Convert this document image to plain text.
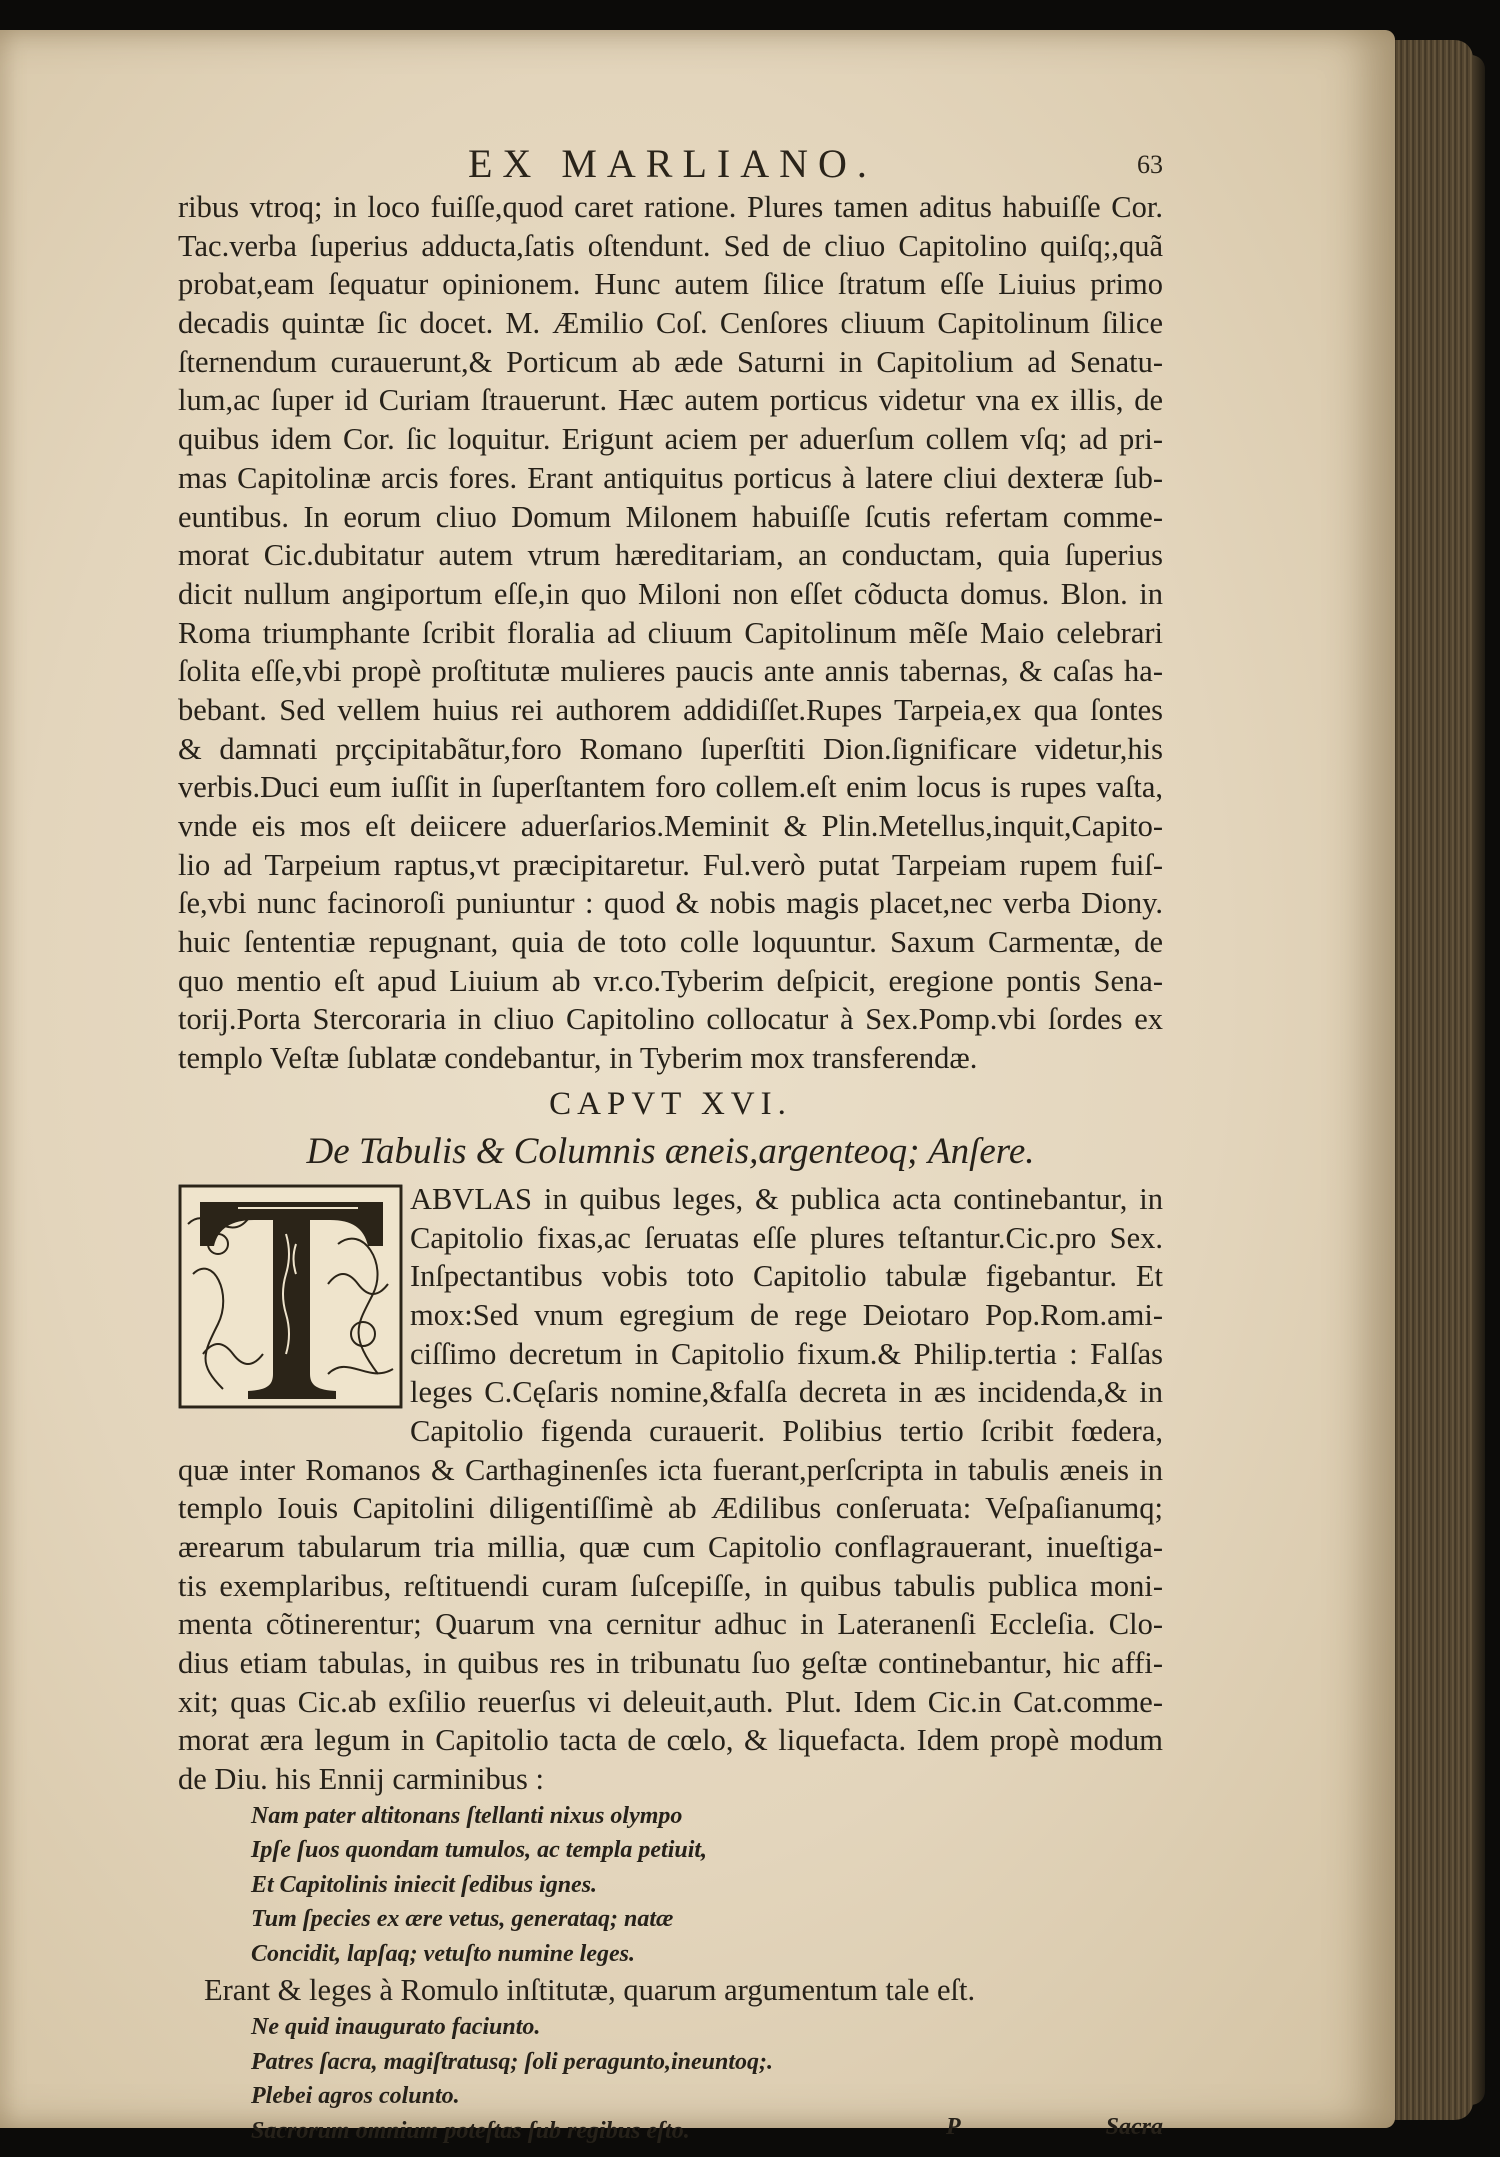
EX MARLIANO.	63

ribus vtroq; in loco fuiſſe,quod caret ratione. Plures tamen aditus habuiſſe Cor.

Tac.verba ſuperius adducta,ſatis oſtendunt. Sed de cliuo Capitolino quiſq;,quã

probat,eam ſequatur opinionem. Hunc autem ſilice ſtratum eſſe Liuius primo

decadis quintæ ſic docet. M. Æmilio Coſ. Cenſores cliuum Capitolinum ſilice

ſternendum curauerunt,& Porticum ab æde Saturni in Capitolium ad Senatu-

lum,ac ſuper id Curiam ſtrauerunt. Hæc autem porticus videtur vna ex illis, de

quibus idem Cor. ſic loquitur. Erigunt aciem per aduerſum collem vſq; ad pri-

mas Capitolinæ arcis fores. Erant antiquitus porticus à latere cliui dexteræ ſub-

euntibus. In eorum cliuo Domum Milonem habuiſſe ſcutis refertam comme-

morat Cic.dubitatur autem vtrum hæreditariam, an conductam, quia ſuperius

dicit nullum angiportum eſſe,in quo Miloni non eſſet cõducta domus. Blon. in

Roma triumphante ſcribit floralia ad cliuum Capitolinum mẽſe Maio celebrari

ſolita eſſe,vbi propè proſtitutæ mulieres paucis ante annis tabernas, & caſas ha-

bebant. Sed vellem huius rei authorem addidiſſet.Rupes Tarpeia,ex qua ſontes

& damnati prçcipitabãtur,foro Romano ſuperſtiti Dion.ſignificare videtur,his

verbis.Duci eum iuſſit in ſuperſtantem foro collem.eſt enim locus is rupes vaſta,

vnde eis mos eſt deiicere aduerſarios.Meminit & Plin.Metellus,inquit,Capito-

lio ad Tarpeium raptus,vt præcipitaretur. Ful.verò putat Tarpeiam rupem fuiſ-

ſe,vbi nunc facinoroſi puniuntur : quod & nobis magis placet,nec verba Diony.

huic ſententiæ repugnant, quia de toto colle loquuntur. Saxum Carmentæ, de

quo mentio eſt apud Liuium ab vr.co.Tyberim deſpicit, eregione pontis Sena-

torij.Porta Stercoraria in cliuo Capitolino collocatur à Sex.Pomp.vbi ſordes ex

templo Veſtæ ſublatæ condebantur, in Tyberim mox transferendæ.

CAPVT XVI.
De Tabulis & Columnis æneis,argenteoq; Anſere.

ABVLAS in quibus leges, & publica acta continebantur, in

Capitolio fixas,ac ſeruatas eſſe plures teſtantur.Cic.pro Sex.

Inſpectantibus vobis toto Capitolio tabulæ figebantur. Et

mox:Sed vnum egregium de rege Deiotaro Pop.Rom.ami-

ciſſimo decretum in Capitolio fixum.& Philip.tertia : Falſas

leges C.Cęſaris nomine,&falſa decreta in æs incidenda,& in

Capitolio figenda curauerit. Polibius tertio ſcribit fœdera,

quæ inter Romanos & Carthaginenſes icta fuerant,perſcripta in tabulis æneis in

templo Iouis Capitolini diligentiſſimè ab Ædilibus conſeruata: Veſpaſianumq;

ærearum tabularum tria millia, quæ cum Capitolio conflagrauerant, inueſtiga-

tis exemplaribus, reſtituendi curam ſuſcepiſſe, in quibus tabulis publica moni-

menta cõtinerentur; Quarum vna cernitur adhuc in Lateranenſi Eccleſia. Clo-

dius etiam tabulas, in quibus res in tribunatu ſuo geſtæ continebantur, hic affi-

xit; quas Cic.ab exſilio reuerſus vi deleuit,auth. Plut. Idem Cic.in Cat.comme-

morat æra legum in Capitolio tacta de cœlo, & liquefacta. Idem propè modum

de Diu. his Ennij carminibus :

Nam pater altitonans ſtellanti nixus olympo

Ipſe ſuos quondam tumulos, ac templa petiuit,

Et Capitolinis iniecit ſedibus ignes.

Tum ſpecies ex ære vetus, generataq; natæ

Concidit, lapſaq; vetuſto numine leges.

Erant & leges à Romulo inſtitutæ, quarum argumentum tale eſt.

Ne quid inaugurato faciunto.

Patres ſacra, magiſtratusq; ſoli peragunto,ineuntoq;.

Plebei agros colunto.

Sacrorum omnium poteſtas ſub regibus eſto.	P	Sacra
